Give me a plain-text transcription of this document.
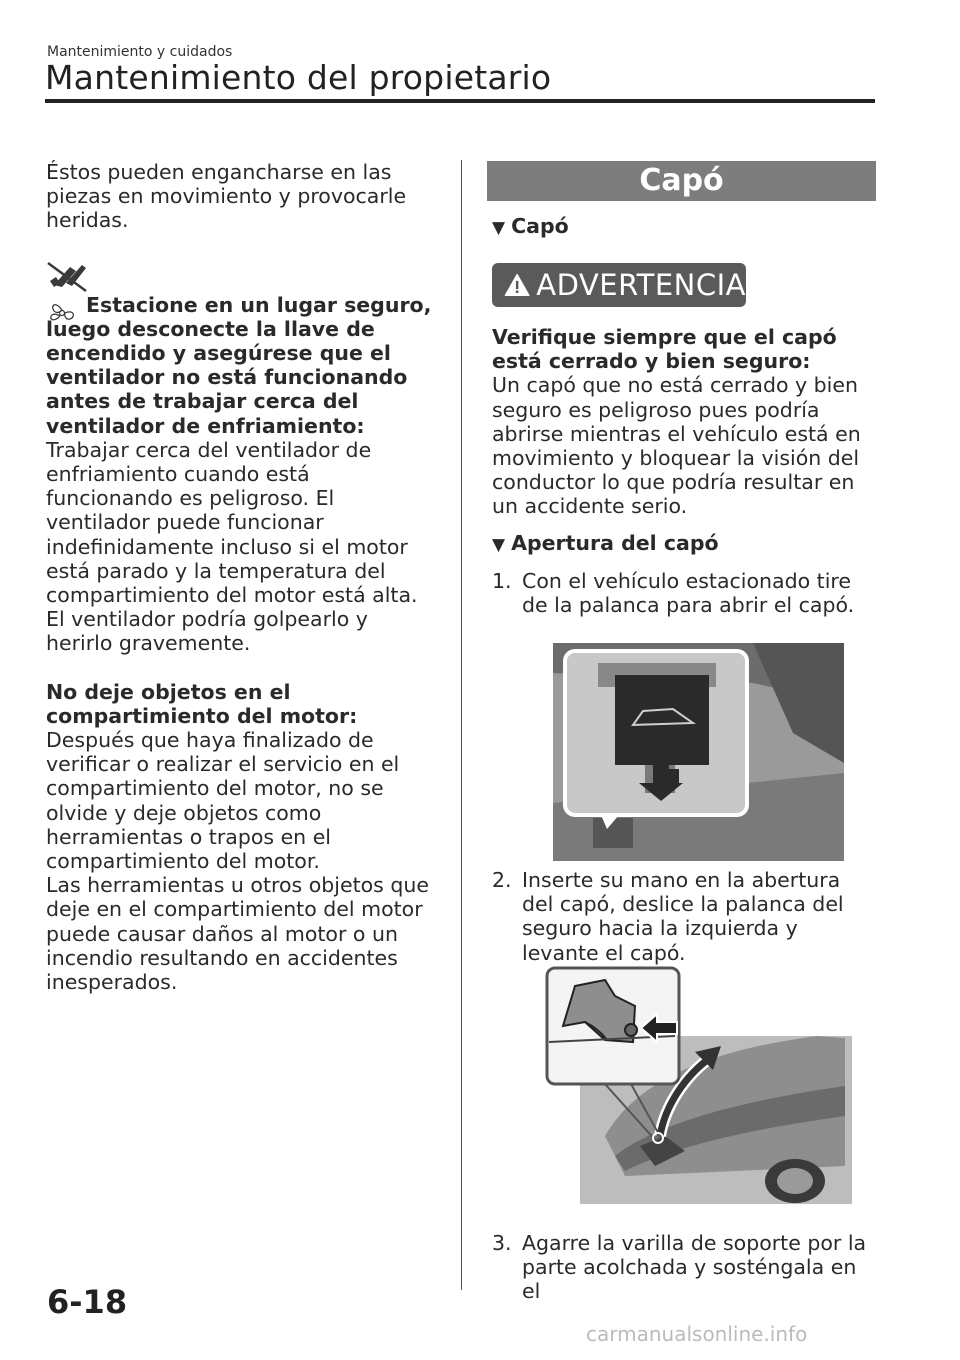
Mantenimiento y cuidados
Mantenimiento del propietario

Éstos pueden engancharse en las piezas en movimiento y provocarle heridas.

Estacione en un lugar seguro, luego desconecte la llave de encendido y asegúrese que el ventilador no está funcionando antes de trabajar cerca del ventilador de enfriamiento:

Trabajar cerca del ventilador de enfriamiento cuando está funcionando es peligroso. El ventilador puede funcionar indefinidamente incluso si el motor está parado y la temperatura del compartimiento del motor está alta. El ventilador podría golpearlo y herirlo gravemente.

No deje objetos en el compartimiento del motor:

Después que haya finalizado de verificar o realizar el servicio en el compartimiento del motor, no se olvide y deje objetos como herramientas o trapos en el compartimiento del motor.
Las herramientas u otros objetos que deje en el compartimiento del motor puede causar daños al motor o un incendio resultando en accidentes inesperados.

Capó

▼ Capó

ADVERTENCIA

Verifique siempre que el capó está cerrado y bien seguro:

Un capó que no está cerrado y bien seguro es peligroso pues podría abrirse mientras el vehículo está en movimiento y bloquear la visión del conductor lo que podría resultar en un accidente serio.

▼ Apertura del capó

1. Con el vehículo estacionado tire de la palanca para abrir el capó.
2. Inserte su mano en la abertura del capó, deslice la palanca del seguro hacia la izquierda y levante el capó.
3. Agarre la varilla de soporte por la parte acolchada y sosténgala en el
6-18
carmanualsonline.info
